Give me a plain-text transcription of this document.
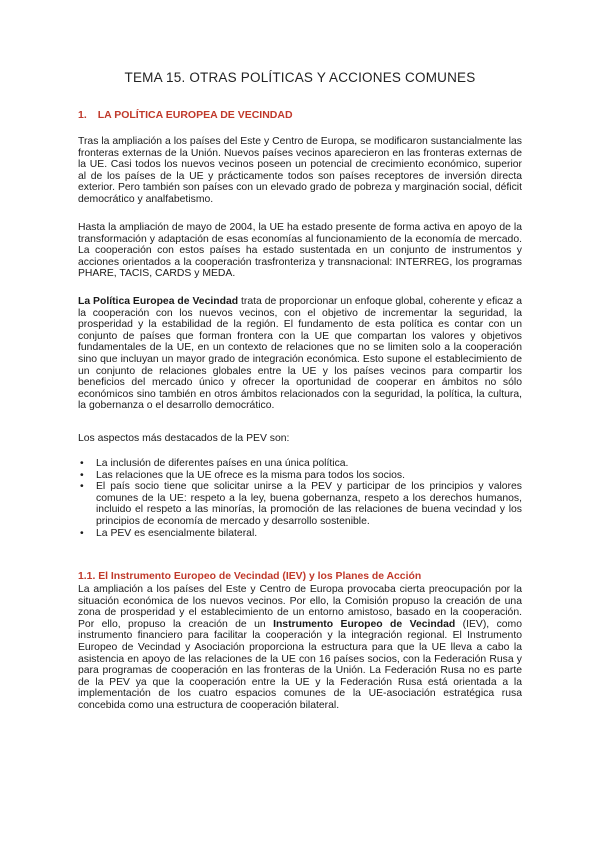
TEMA 15. OTRAS POLÍTICAS Y ACCIONES COMUNES
1. LA POLÍTICA EUROPEA DE VECINDAD

Tras la ampliación a los países del Este y Centro de Europa, se modificaron sustancialmente las fronteras externas de la Unión. Nuevos países vecinos aparecieron en las fronteras externas de la UE. Casi todos los nuevos vecinos poseen un potencial de crecimiento económico, superior al de los países de la UE y prácticamente todos son países receptores de inversión directa exterior. Pero también son países con un elevado grado de pobreza y marginación social, déficit democrático y analfabetismo.

Hasta la ampliación de mayo de 2004, la UE ha estado presente de forma activa en apoyo de la transformación y adaptación de esas economías al funcionamiento de la economía de mercado. La cooperación con estos países ha estado sustentada en un conjunto de instrumentos y acciones orientados a la cooperación trasfronteriza y transnacional: INTERREG, los programas PHARE, TACIS, CARDS y MEDA.

La Política Europea de Vecindad trata de proporcionar un enfoque global, coherente y eficaz a la cooperación con los nuevos vecinos, con el objetivo de incrementar la seguridad, la prosperidad y la estabilidad de la región. El fundamento de esta política es contar con un conjunto de países que forman frontera con la UE que compartan los valores y objetivos fundamentales de la UE, en un contexto de relaciones que no se limiten solo a la cooperación sino que incluyan un mayor grado de integración económica. Esto supone el establecimiento de un conjunto de relaciones globales entre la UE y los países vecinos para compartir los beneficios del mercado único y ofrecer la oportunidad de cooperar en ámbitos no sólo económicos sino también en otros ámbitos relacionados con la seguridad, la política, la cultura, la gobernanza o el desarrollo democrático.

Los aspectos más destacados de la PEV son:

• La inclusión de diferentes países en una única política.
• Las relaciones que la UE ofrece es la misma para todos los socios.
• El país socio tiene que solicitar unirse a la PEV y participar de los principios y valores comunes de la UE: respeto a la ley, buena gobernanza, respeto a los derechos humanos, incluido el respeto a las minorías, la promoción de las relaciones de buena vecindad y los principios de economía de mercado y desarrollo sostenible.
• La PEV es esencialmente bilateral.
1.1. El Instrumento Europeo de Vecindad (IEV) y los Planes de Acción

La ampliación a los países del Este y Centro de Europa provocaba cierta preocupación por la situación económica de los nuevos vecinos. Por ello, la Comisión propuso la creación de una zona de prosperidad y el establecimiento de un entorno amistoso, basado en la cooperación. Por ello, propuso la creación de un Instrumento Europeo de Vecindad (IEV), como instrumento financiero para facilitar la cooperación y la integración regional. El Instrumento Europeo de Vecindad y Asociación proporciona la estructura para que la UE lleva a cabo la asistencia en apoyo de las relaciones de la UE con 16 países socios, con la Federación Rusa y para programas de cooperación en las fronteras de la Unión. La Federación Rusa no es parte de la PEV ya que la cooperación entre la UE y la Federación Rusa está orientada a la implementación de los cuatro espacios comunes de la UE-asociación estratégica rusa concebida como una estructura de cooperación bilateral.
